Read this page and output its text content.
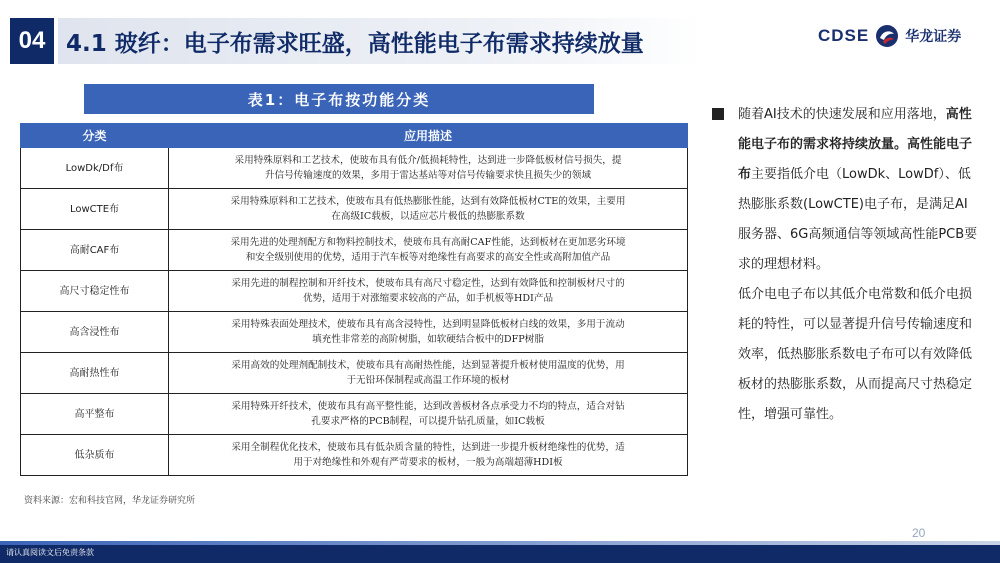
04 4.1 玻纤：电子布需求旺盛，高性能电子布需求持续放量	CDSE	华龙证券
表1：电子布按功能分类
分类	应用描述
LowDk/Df布	采用特殊原料和工艺技术，使玻布具有低介/低损耗特性，达到进一步降低板材信号损失，提
升信号传输速度的效果，多用于雷达基站等对信号传输要求快且损失少的领域

LowCTE布	采用特殊原料和工艺技术，使玻布具有低热膨胀性能，达到有效降低板材CTE的效果，主要用
在高级IC载板，以适应芯片极低的热膨胀系数

高耐CAF布	采用先进的处理剂配方和物料控制技术，使玻布具有高耐CAF性能，达到板材在更加恶劣环境
和安全级别使用的优势，适用于汽车板等对绝缘性有高要求的高安全性或高附加值产品

高尺寸稳定性布	采用先进的制程控制和开纤技术，使玻布具有高尺寸稳定性，达到有效降低和控制板材尺寸的
优势，适用于对涨缩要求较高的产品，如手机板等HDI产品

高含浸性布	采用特殊表面处理技术，使玻布具有高含浸特性，达到明显降低板材白线的效果，多用于流动
填充性非常差的高阶树脂，如软硬结合板中的DFP树脂

高耐热性布	采用高效的处理剂配制技术，使玻布具有高耐热性能，达到显著提升板材使用温度的优势，用
于无铅环保制程或高温工作环境的板材

高平整布	采用特殊开纤技术，使玻布具有高平整性能，达到改善板材各点承受力不均的特点，适合对钻
孔要求严格的PCB制程，可以提升钻孔质量，如IC载板

低杂质布	采用全制程优化技术，使玻布具有低杂质含量的特性，达到进一步提升板材绝缘性的优势，适
用于对绝缘性和外观有严苛要求的板材，一般为高端超薄HDI板
资料来源：宏和科技官网，华龙证券研究所

随着AI技术的快速发展和应用落地，高性能电子布的需求将持续放量。高性能电子布主要指低介电（LowDk、LowDf）、低热膨胀系数(LowCTE)电子布，是满足AI服务器、6G高频通信等领域高性能PCB要求的理想材料。

低介电电子布以其低介电常数和低介电损耗的特性，可以显著提升信号传输速度和效率，低热膨胀系数电子布可以有效降低板材的热膨胀系数，从而提高尺寸热稳定性，增强可靠性。

20
请认真阅读文后免责条款
